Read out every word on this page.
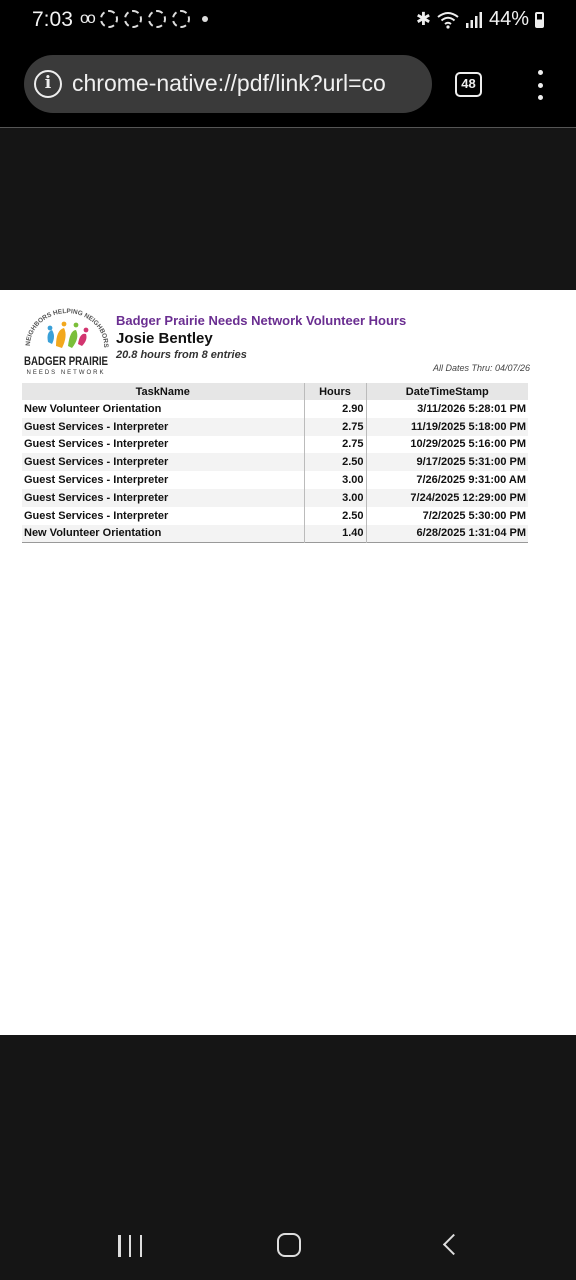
7:03 oo	✱	44%
i chrome-native://pdf/link?url=co	48
NEIGHBORS HELPING NEIGHBORS
BADGER PRAIRIE
NEEDS NETWORK
Badger Prairie Needs Network Volunteer Hours
Josie Bentley
20.8 hours from 8 entries
All Dates Thru: 04/07/26
TaskName	Hours	DateTimeStamp
New Volunteer Orientation	2.90	3/11/2026 5:28:01 PM
Guest Services - Interpreter	2.75	11/19/2025 5:18:00 PM
Guest Services - Interpreter	2.75	10/29/2025 5:16:00 PM
Guest Services - Interpreter	2.50	9/17/2025 5:31:00 PM
Guest Services - Interpreter	3.00	7/26/2025 9:31:00 AM
Guest Services - Interpreter	3.00	7/24/2025 12:29:00 PM
Guest Services - Interpreter	2.50	7/2/2025 5:30:00 PM
New Volunteer Orientation	1.40	6/28/2025 1:31:04 PM
